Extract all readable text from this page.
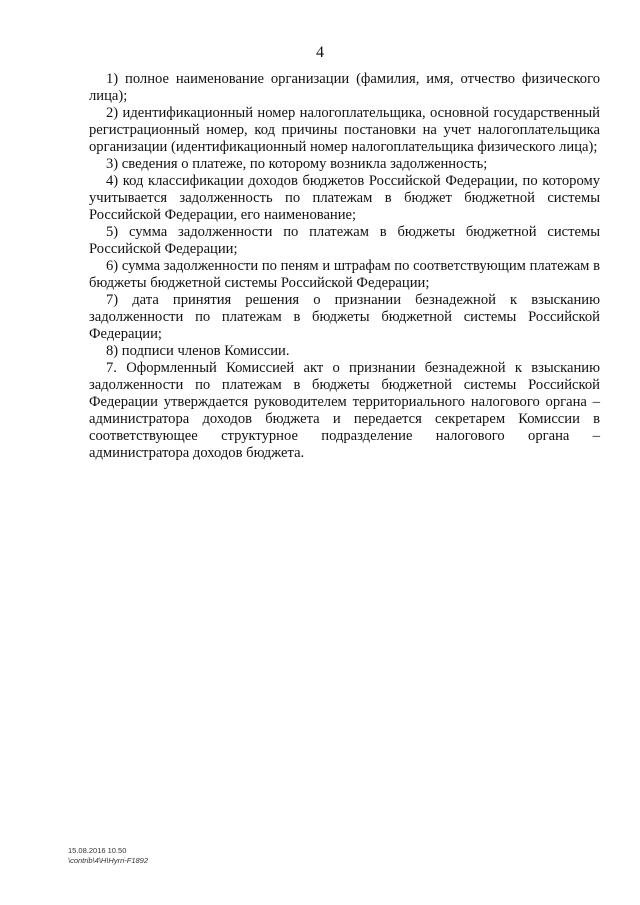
4

1) полное наименование организации (фамилия, имя, отчество физического лица);

2) идентификационный номер налогоплательщика, основной государственный регистрационный номер, код причины постановки на учет налогоплательщика организации (идентификационный номер налогоплательщика физического лица);

3) сведения о платеже, по которому возникла задолженность;

4) код классификации доходов бюджетов Российской Федерации, по которому учитывается задолженность по платежам в бюджет бюджетной системы Российской Федерации, его наименование;

5) сумма задолженности по платежам в бюджеты бюджетной системы Российской Федерации;

6) сумма задолженности по пеням и штрафам по соответствующим платежам в бюджеты бюджетной системы Российской Федерации;

7) дата принятия решения о признании безнадежной к взысканию задолженности по платежам в бюджеты бюджетной системы Российской Федерации;

8) подписи членов Комиссии.

7. Оформленный Комиссией акт о признании безнадежной к взысканию задолженности по платежам в бюджеты бюджетной системы Российской Федерации утверждается руководителем территориального налогового органа – администратора доходов бюджета и передается секретарем Комиссии в соответствующее структурное подразделение налогового органа – администратора доходов бюджета.

15.08.2016 10.50
\contrib\4\H\Hyrri-F1892
